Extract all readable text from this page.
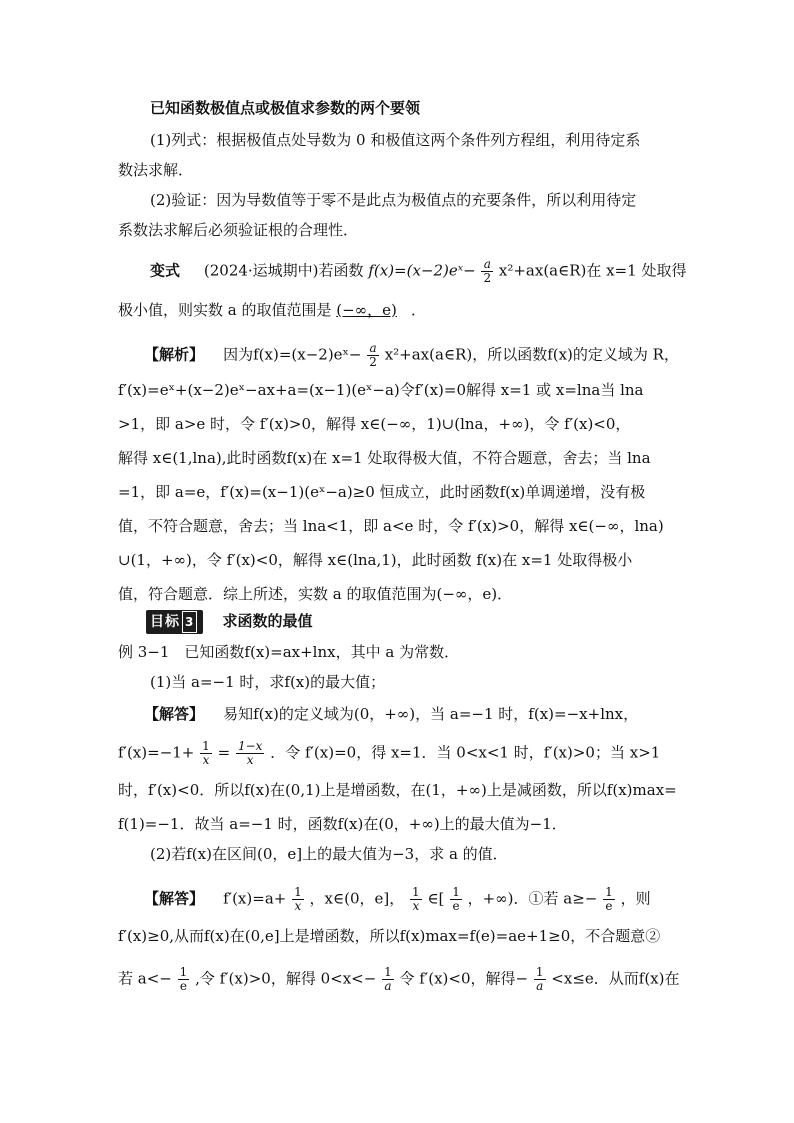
已知函数极值点或极值求参数的两个要领
(1)列式：根据极值点处导数为 0 和极值这两个条件列方程组，利用待定系
数法求解．
(2)验证：因为导数值等于零不是此点为极值点的充要条件，所以利用待定
系数法求解后必须验证根的合理性．
变式 (2024·运城期中)若函数 f(x)=(x−2)eˣ− $\frac{a}{2}$ x²+ax(a∈R)在 x=1 处取得
极小值，则实数 a 的取值范围是 (−∞，e) ．
【解析】 因为f(x)=(x−2)eˣ− $\frac{a}{2}$ x²+ax(a∈R)，所以函数f(x)的定义域为 R，
f′(x)=eˣ+(x−2)eˣ−ax+a=(x−1)(eˣ−a)令f′(x)=0解得 x=1 或 x=lna当 lna
>1，即 a>e 时，令 f′(x)>0，解得 x∈(−∞，1)∪(lna，+∞)，令 f′(x)<0，
解得 x∈(1,lna),此时函数f(x)在 x=1 处取得极大值，不符合题意，舍去；当 lna
=1，即 a=e，f′(x)=(x−1)(eˣ−a)≥0 恒成立，此时函数f(x)单调递增，没有极
值，不符合题意，舍去；当 lna<1，即 a<e 时，令 f′(x)>0，解得 x∈(−∞，lna)
∪(1，+∞)，令 f′(x)<0，解得 x∈(lna,1)，此时函数 f(x)在 x=1 处取得极小
值，符合题意．综上所述，实数 a 的取值范围为(−∞，e)．
目标 3 求函数的最值
例 3−1　已知函数f(x)=ax+lnx，其中 a 为常数．
(1)当 a=−1 时，求f(x)的最大值；
【解答】 易知f(x)的定义域为(0，+∞)，当 a=−1 时，f(x)=−x+lnx，
$f'(x)=-1+ \frac{1}{x} = \frac{1-x}{x}$ ．令 f′(x)=0，得 x=1．当 0<x<1 时，f′(x)>0；当 x>1
时，f′(x)<0．所以f(x)在(0,1)上是增函数，在(1，+∞)上是减函数，所以f(x)max=
f(1)=−1．故当 a=−1 时，函数f(x)在(0，+∞)上的最大值为−1．
(2)若f(x)在区间(0，e]上的最大值为−3，求 a 的值．
【解答】 $f'(x)=a+ \frac{1}{x}$ ，x∈(0，e]， $\frac{1}{x}$ ∈[ $\frac{1}{e}$ ，+∞)．①若 $a\ge- \frac{1}{e}$ ，则
f′(x)≥0,从而f(x)在(0,e]上是增函数，所以f(x)max=f(e)=ae+1≥0，不合题意②
若 $a<- \frac{1}{e}$ ,令 f′(x)>0，解得 $0<x<- \frac{1}{a}$ 令 f′(x)<0，解得− $\frac{1}{a} <x\le e$．从而f(x)在
